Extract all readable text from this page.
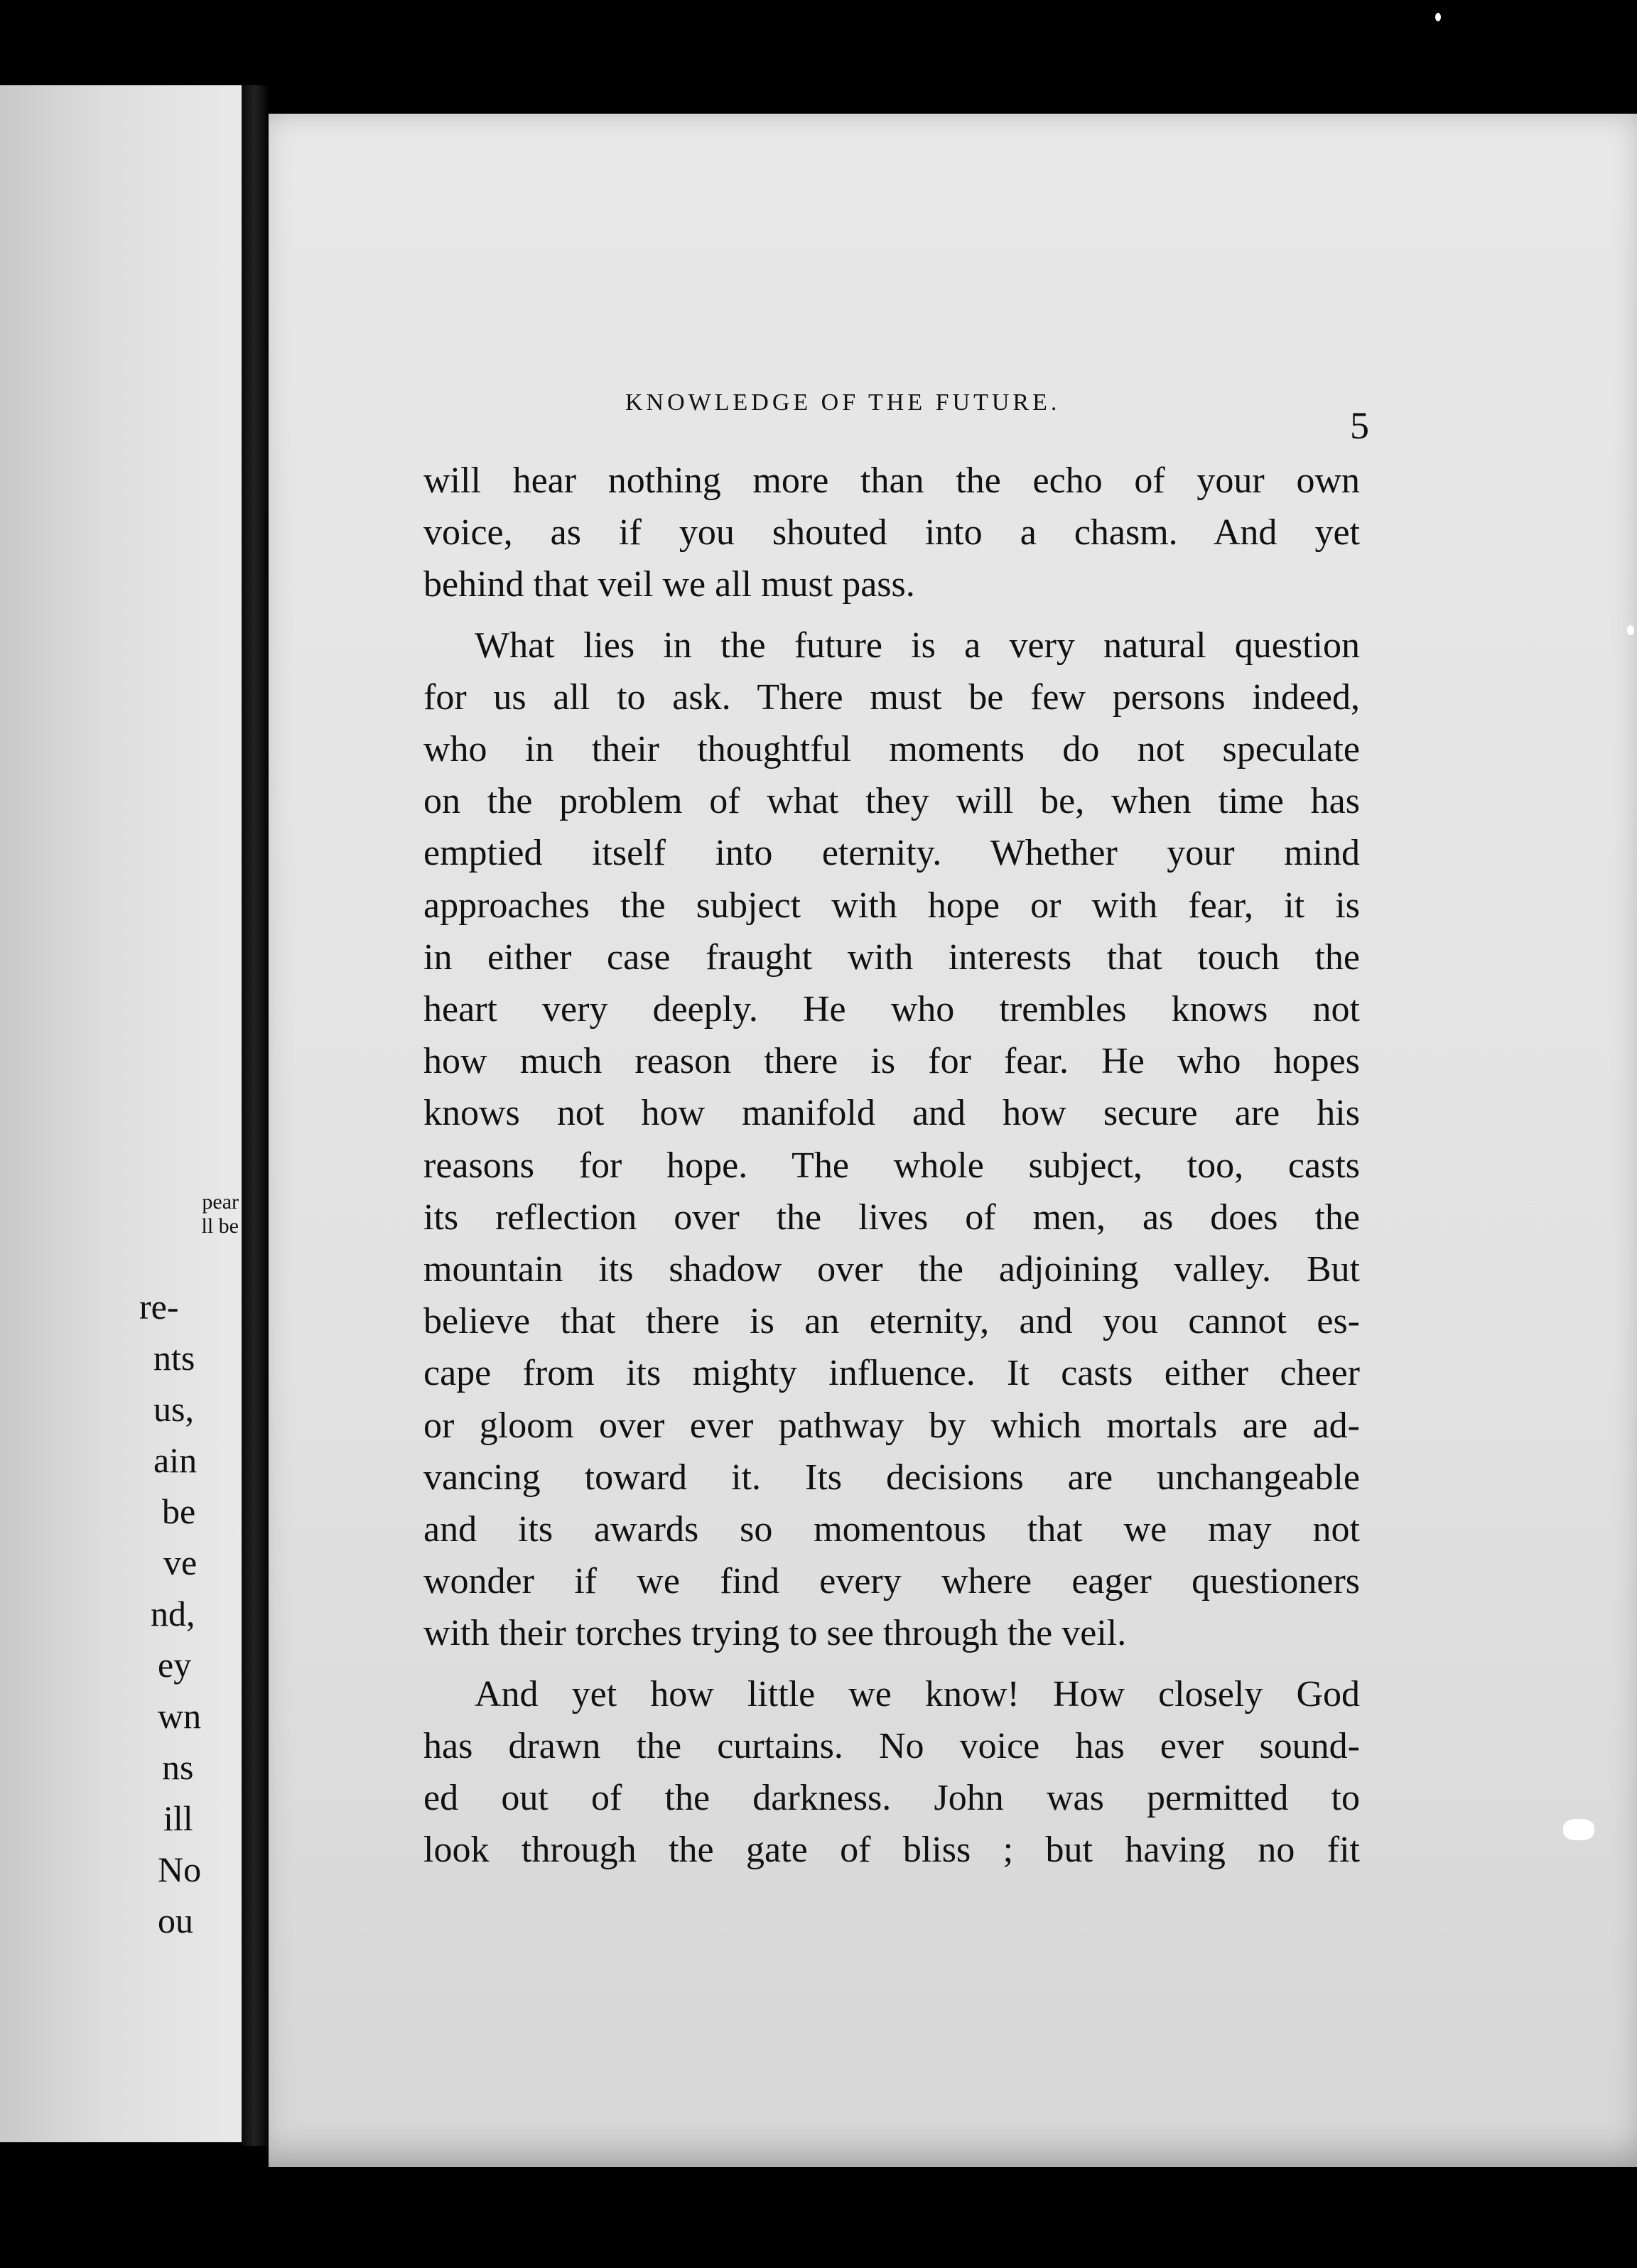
pear
ll be
re-
nts
us,
ain
be
ve
nd,
ey
wn
ns
ill
No
ou
KNOWLEDGE OF THE FUTURE.
5
will hear nothing more than the echo of your own
voice, as if you shouted into a chasm. And yet
behind that veil we all must pass.
What lies in the future is a very natural question
for us all to ask. There must be few persons indeed,
who in their thoughtful moments do not speculate
on the problem of what they will be, when time has
emptied itself into eternity. Whether your mind
approaches the subject with hope or with fear, it is
in either case fraught with interests that touch the
heart very deeply. He who trembles knows not
how much reason there is for fear. He who hopes
knows not how manifold and how secure are his
reasons for hope. The whole subject, too, casts
its reflection over the lives of men, as does the
mountain its shadow over the adjoining valley. But
believe that there is an eternity, and you cannot es-
cape from its mighty influence. It casts either cheer
or gloom over ever pathway by which mortals are ad-
vancing toward it. Its decisions are unchangeable
and its awards so momentous that we may not
wonder if we find every where eager questioners
with their torches trying to see through the veil.
And yet how little we know! How closely God
has drawn the curtains. No voice has ever sound-
ed out of the darkness. John was permitted to
look through the gate of bliss ; but having no fit
